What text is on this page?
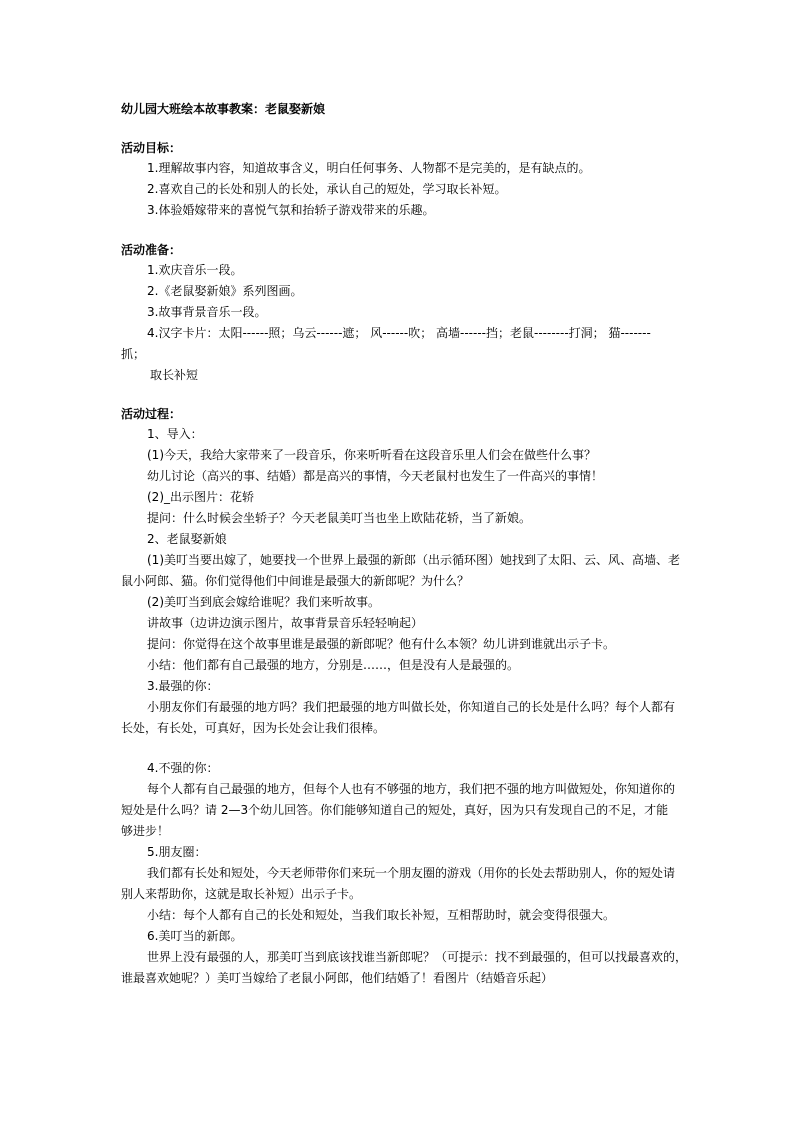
幼儿园大班绘本故事教案：老鼠娶新娘
活动目标：
1.理解故事内容，知道故事含义，明白任何事务、人物都不是完美的，是有缺点的。
2.喜欢自己的长处和别人的长处，承认自己的短处，学习取长补短。
3.体验婚嫁带来的喜悦气氛和抬轿子游戏带来的乐趣。
活动准备：
1.欢庆音乐一段。
2.《老鼠娶新娘》系列图画。
3.故事背景音乐一段。
4.汉字卡片：太阳------照；乌云------遮； 风------吹； 高墙------挡；老鼠--------打洞； 猫-------
抓；
取长补短
活动过程：
1、导入：
(1)今天，我给大家带来了一段音乐，你来听听看在这段音乐里人们会在做些什么事？
幼儿讨论（高兴的事、结婚）都是高兴的事情，今天老鼠村也发生了一件高兴的事情！
(2)_出示图片：花轿
提问：什么时候会坐轿子？今天老鼠美叮当也坐上欧陆花轿，当了新娘。
2、老鼠娶新娘
(1)美叮当要出嫁了，她要找一个世界上最强的新郎（出示循环图）她找到了太阳、云、风、高墙、老
鼠小阿郎、猫。你们觉得他们中间谁是最强大的新郎呢？为什么？
(2)美叮当到底会嫁给谁呢？我们来听故事。
讲故事（边讲边演示图片，故事背景音乐轻轻响起）
提问：你觉得在这个故事里谁是最强的新郎呢？他有什么本领？幼儿讲到谁就出示子卡。
小结：他们都有自己最强的地方，分别是……，但是没有人是最强的。
3.最强的你：
小朋友你们有最强的地方吗？我们把最强的地方叫做长处，你知道自己的长处是什么吗？每个人都有
长处，有长处，可真好，因为长处会让我们很棒。
4.不强的你：
每个人都有自己最强的地方，但每个人也有不够强的地方，我们把不强的地方叫做短处，你知道你的
短处是什么吗？请 2—3个幼儿回答。你们能够知道自己的短处，真好，因为只有发现自己的不足，才能
够进步！
5.朋友圈：
我们都有长处和短处，今天老师带你们来玩一个朋友圈的游戏（用你的长处去帮助别人，你的短处请
别人来帮助你，这就是取长补短）出示子卡。
小结：每个人都有自己的长处和短处，当我们取长补短，互相帮助时，就会变得很强大。
6.美叮当的新郎。
世界上没有最强的人，那美叮当到底该找谁当新郎呢？（可提示：找不到最强的，但可以找最喜欢的，
谁最喜欢她呢？）美叮当嫁给了老鼠小阿郎，他们结婚了！看图片（结婚音乐起）
